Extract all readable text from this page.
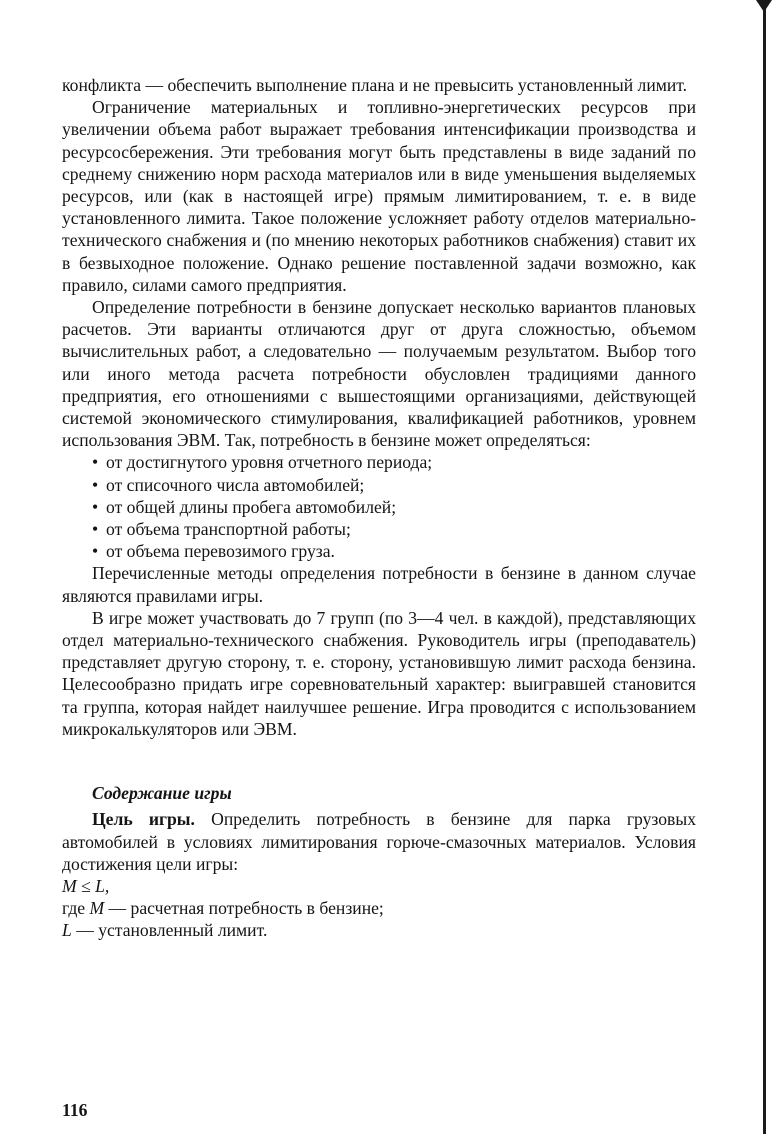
конфликта — обеспечить выполнение плана и не превысить установленный лимит.

Ограничение материальных и топливно-энергетических ресурсов при увеличении объема работ выражает требования интенсификации производства и ресурсосбережения. Эти требования могут быть представлены в виде заданий по среднему снижению норм расхода материалов или в виде уменьшения выделяемых ресурсов, или (как в настоящей игре) прямым лимитированием, т. е. в виде установленного лимита. Такое положение усложняет работу отделов материально-технического снабжения и (по мнению некоторых работников снабжения) ставит их в безвыходное положение. Однако решение поставленной задачи возможно, как правило, силами самого предприятия.

Определение потребности в бензине допускает несколько вариантов плановых расчетов. Эти варианты отличаются друг от друга сложностью, объемом вычислительных работ, а следовательно — получаемым результатом. Выбор того или иного метода расчета потребности обусловлен традициями данного предприятия, его отношениями с вышестоящими организациями, действующей системой экономического стимулирования, квалификацией работников, уровнем использования ЭВМ. Так, потребность в бензине может определяться:

• от достигнутого уровня отчетного периода;
• от списочного числа автомобилей;
• от общей длины пробега автомобилей;
• от объема транспортной работы;
• от объема перевозимого груза.

Перечисленные методы определения потребности в бензине в данном случае являются правилами игры.

В игре может участвовать до 7 групп (по 3—4 чел. в каждой), представляющих отдел материально-технического снабжения. Руководитель игры (преподаватель) представляет другую сторону, т. е. сторону, установившую лимит расхода бензина. Целесообразно придать игре соревновательный характер: выигравшей становится та группа, которая найдет наилучшее решение. Игра проводится с использованием микрокалькуляторов или ЭВМ.

Содержание игры

Цель игры. Определить потребность в бензине для парка грузовых автомобилей в условиях лимитирования горюче-смазочных материалов. Условия достижения цели игры:

M ≤ L,

где M — расчетная потребность в бензине;

L — установленный лимит.

116
